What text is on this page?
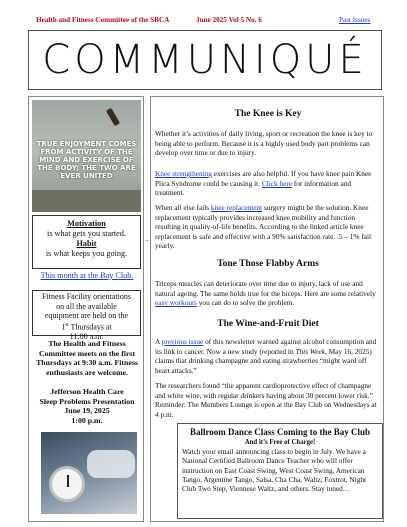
Health and Fitness Committee of the SBCA	June 2025 Vol 5 No. 6	Past Issues
COMMUNIQUÉ
TRUE ENJOYMENT COMES FROM ACTIVITY OF THE MIND AND EXERCISE OF THE BODY; THE TWO ARE EVER UNITED
Motivation
is what gets you started.
Habit
is what keeps you going.
This month at the Bay Club.
Fitness Facility orientations
on all the available
equipment are held on the
1st Thursdays at
11:00 a.m.
The Health and Fitness Committee meets on the first Thursdays at 9:30 a.m. Fitness enthusiasts are welcome.
Jefferson Health Care
Sleep Problems Presentation
June 19, 2025
1:00 p.m.
-
The Knee is Key
Whether it’s activities of daily living, sport or recreation the knee is key to being able to perform. Because it is a highly used body part problems can develop over time or due to injury.
Knee strengthening exercises are also helpful. If you have knee pain Knee Plica Syndrome could be causing it. Click here for information and treatment.
When all else fails knee replacement surgery might be the solution. Knee replacement typically provides increased knee mobility and function resulting in quality-of-life benefits. According to the linked article knee replacement is safe and effective with a 90% satisfaction rate. .5 – 1% fail yearly.
Tone Those Flabby Arms
Triceps muscles can deteriorate over time due to injury, lack of use and natural ageing. The same holds true for the biceps. Here are some relatively easy workouts you can do to solve the problem.
The Wine-and-Fruit Diet
A previous issue of this newsletter warned against alcohol consumption and its link to cancer. Now a new study (reported in This Week, May 16, 2025) claims that drinking champagne and eating strawberries “might ward off heart attacks.”
The researchers found “the apparent cardioprotective effect of champagne and white wine, with regular drinkers having about 30 percent lower risk.” Reminder: The Members Lounge is open at the Bay Club on Wednesdays at 4 p.m.
Ballroom Dance Class Coming to the Bay Club
And it’s Free of Charge!
Watch your email announcing class to begin in July. We have a National Certified Ballroom Dance Teacher who will offer instruction on East Coast Swing, West Coast Swing, American Tango, Argentine Tango, Salsa, Cha Cha, Waltz, Foxtrot, Night Club Two Step, Viennese Waltz, and others. Stay tuned…
